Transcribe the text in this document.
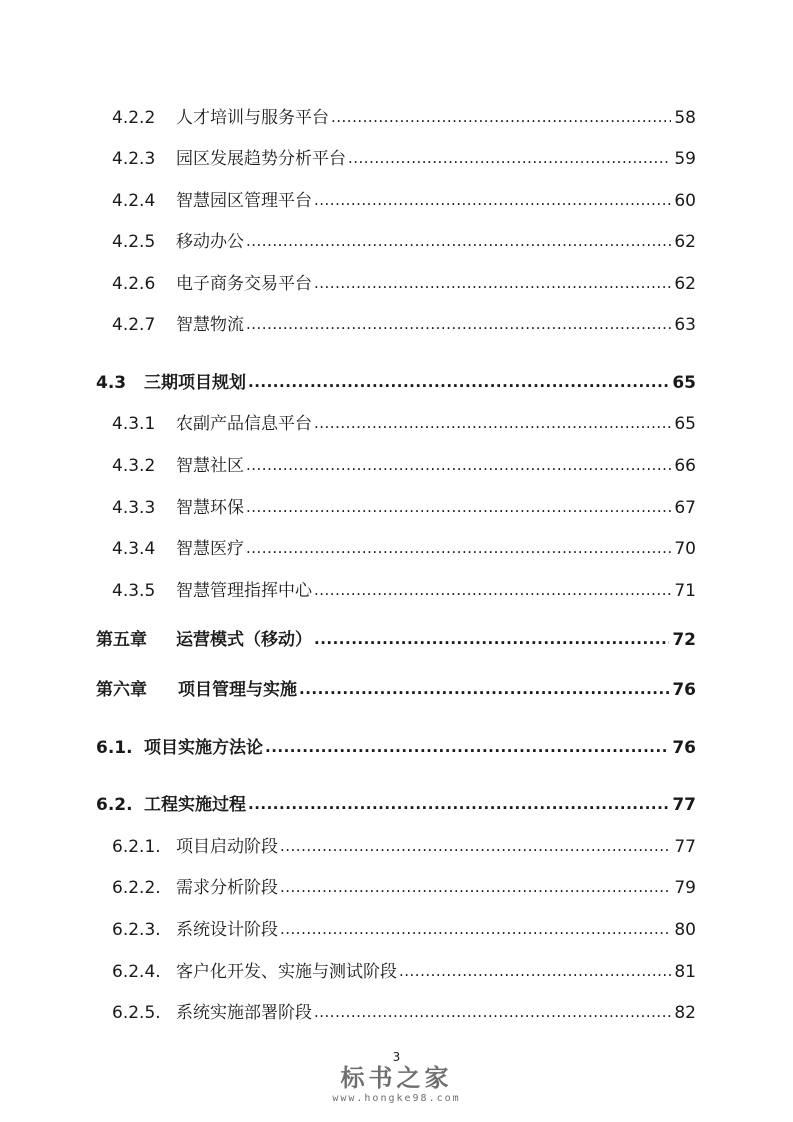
4.2.2	人才培训与服务平台 .....	58
4.2.3	园区发展趋势分析平台 .....	59
4.2.4	智慧园区管理平台 .....	60
4.2.5	移动办公 .....	62
4.2.6	电子商务交易平台 .....	62
4.2.7	智慧物流 .....	63
4.3	三期项目规划 .....	65
4.3.1	农副产品信息平台 .....	65
4.3.2	智慧社区 .....	66
4.3.3	智慧环保 .....	67
4.3.4	智慧医疗 .....	70
4.3.5	智慧管理指挥中心 .....	71
第五章	运营模式（移动） .....	72
第六章	项目管理与实施 .....	76
6.1. 项目实施方法论 .....	76
6.2. 工程实施过程 .....	77
6.2.1. 项目启动阶段 .....	77
6.2.2. 需求分析阶段 .....	79
6.2.3. 系统设计阶段 .....	80
6.2.4. 客户化开发、实施与测试阶段 .....	81
6.2.5. 系统实施部署阶段 .....	82
3
标书之家
www.hongke98.com
